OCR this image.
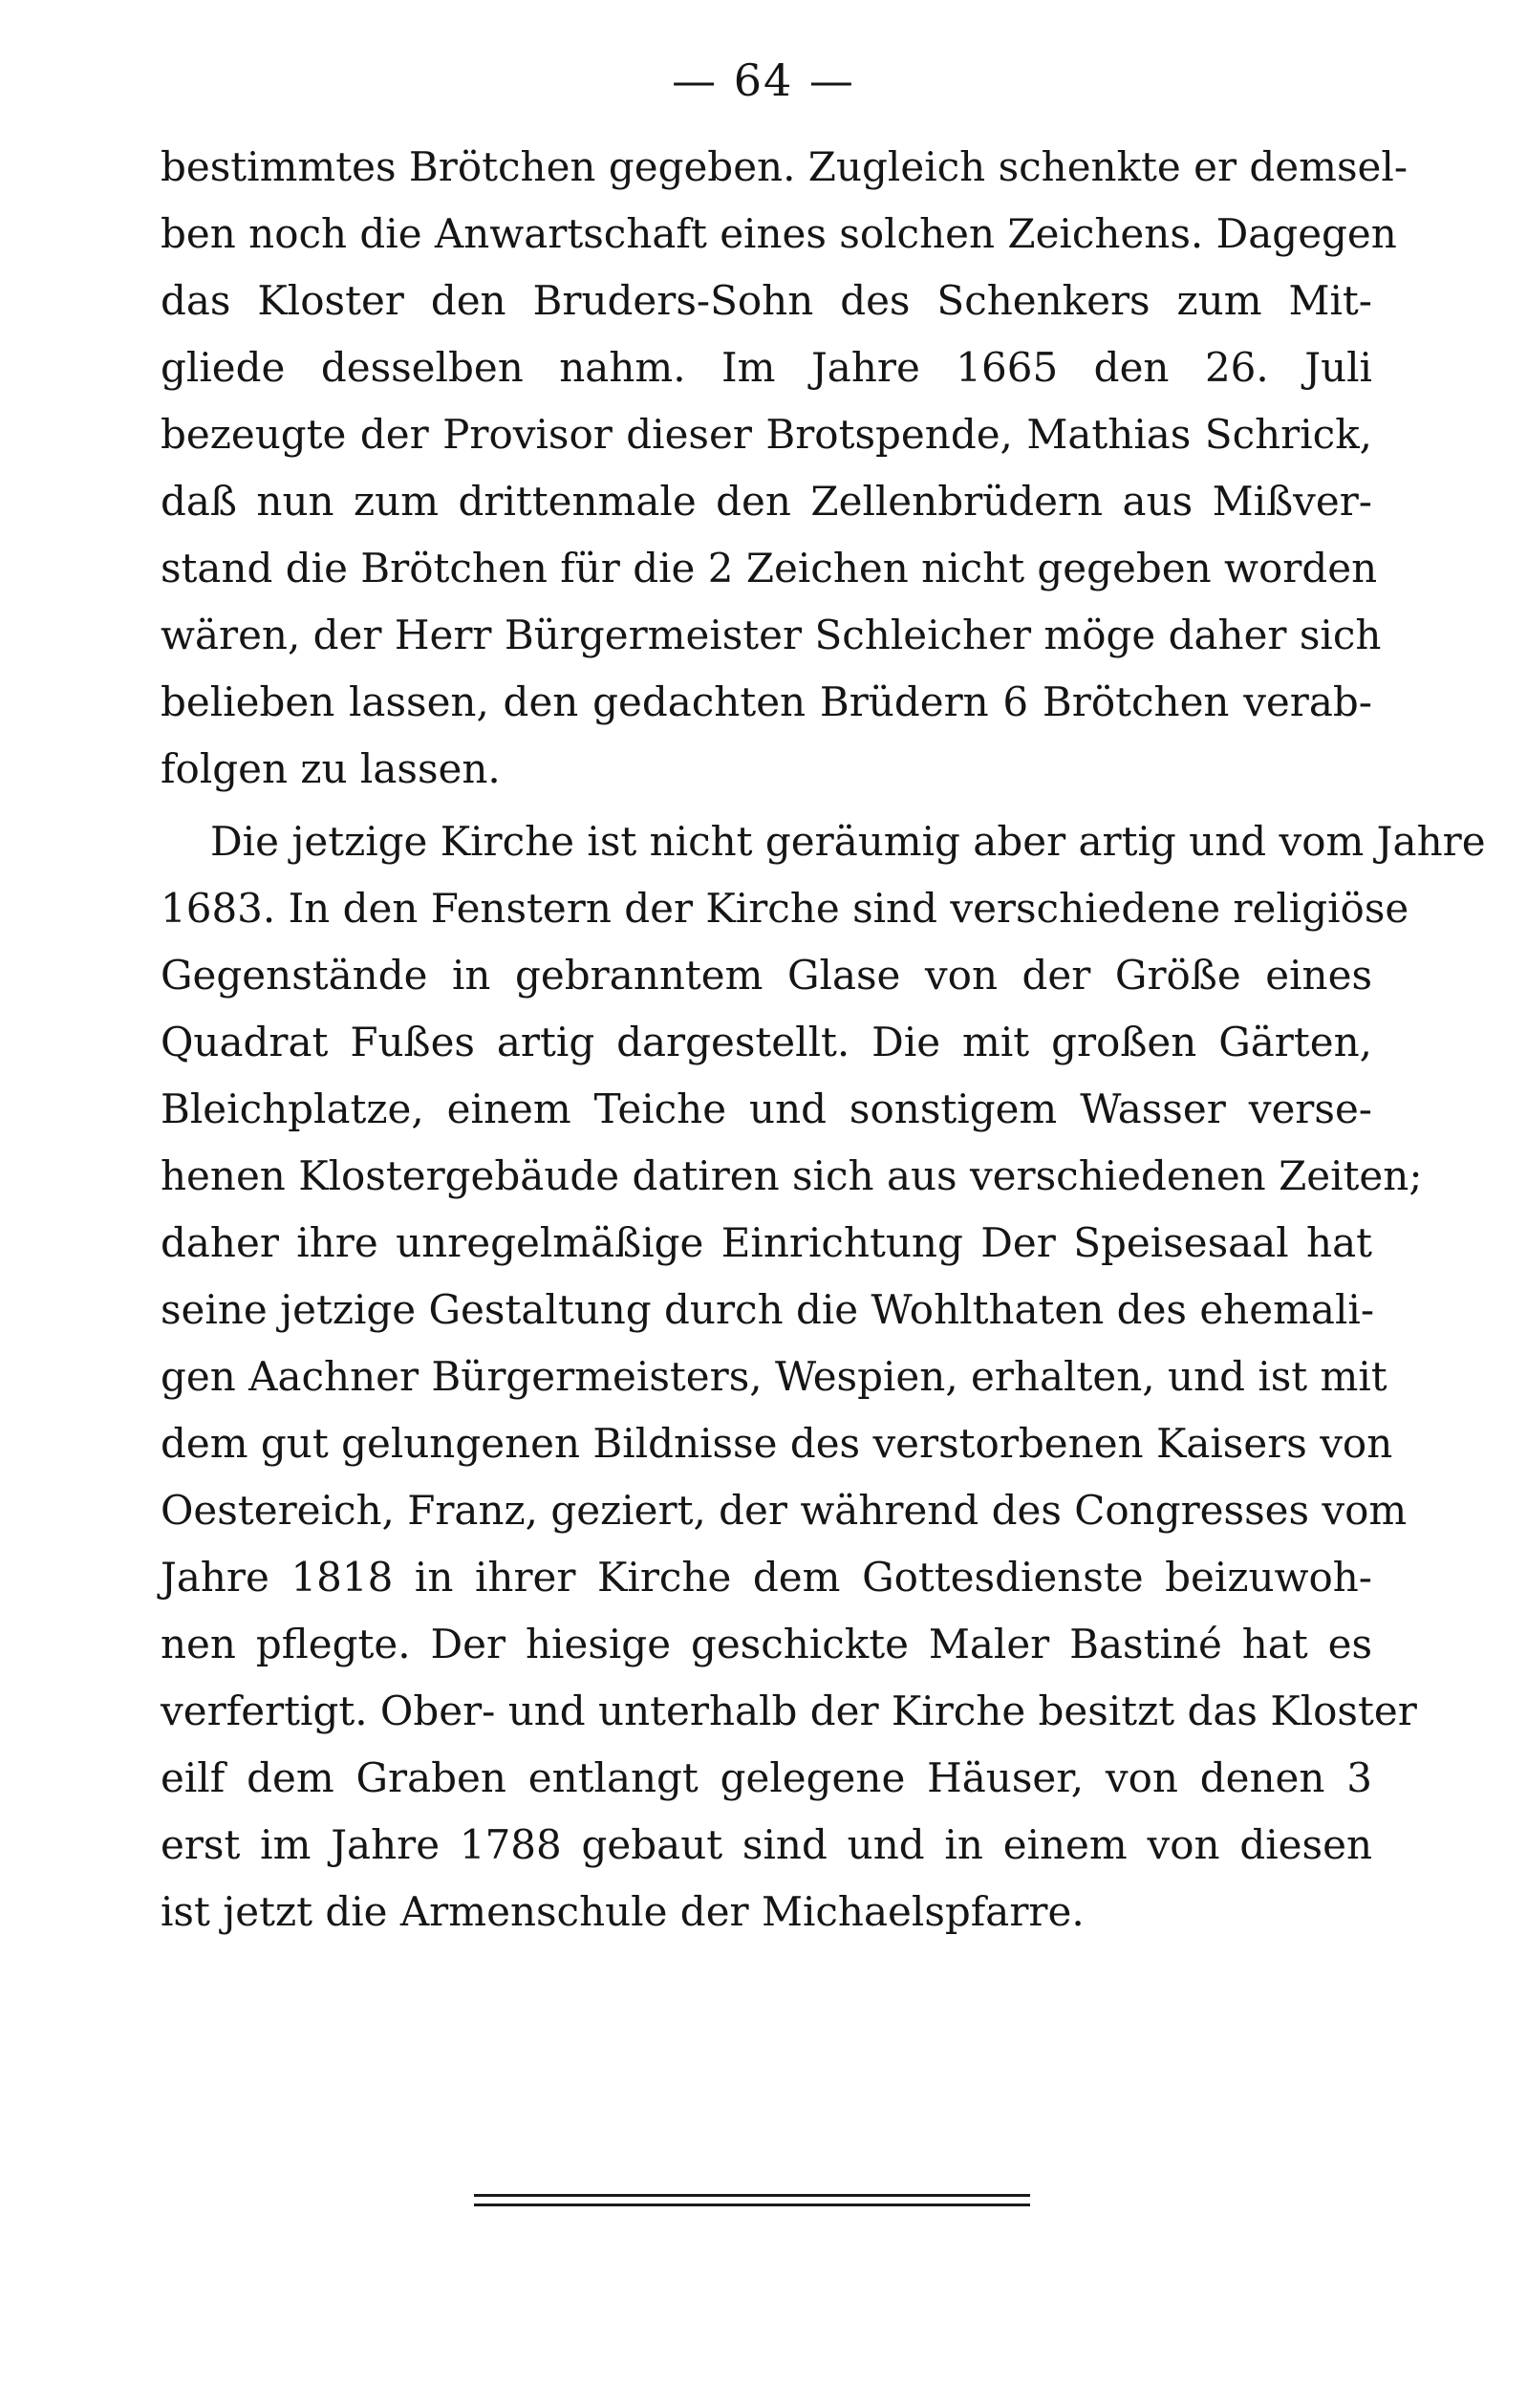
— 64 —
bestimmtes Brötchen gegeben. Zugleich schenkte er demsel-
ben noch die Anwartschaft eines solchen Zeichens. Dagegen
das Kloster den Bruders-Sohn des Schenkers zum Mit-
gliede desselben nahm. Im Jahre 1665 den 26. Juli
bezeugte der Provisor dieser Brotspende, Mathias Schrick,
daß nun zum drittenmale den Zellenbrüdern aus Mißver-
stand die Brötchen für die 2 Zeichen nicht gegeben worden
wären, der Herr Bürgermeister Schleicher möge daher sich
belieben lassen, den gedachten Brüdern 6 Brötchen verab-
folgen zu lassen.
Die jetzige Kirche ist nicht geräumig aber artig und vom Jahre
1683. In den Fenstern der Kirche sind verschiedene religiöse
Gegenstände in gebranntem Glase von der Größe eines
Quadrat Fußes artig dargestellt. Die mit großen Gärten,
Bleichplatze, einem Teiche und sonstigem Wasser verse-
henen Klostergebäude datiren sich aus verschiedenen Zeiten;
daher ihre unregelmäßige Einrichtung Der Speisesaal hat
seine jetzige Gestaltung durch die Wohlthaten des ehemali-
gen Aachner Bürgermeisters, Wespien, erhalten, und ist mit
dem gut gelungenen Bildnisse des verstorbenen Kaisers von
Oestereich, Franz, geziert, der während des Congresses vom
Jahre 1818 in ihrer Kirche dem Gottesdienste beizuwoh-
nen pflegte. Der hiesige geschickte Maler Bastiné hat es
verfertigt. Ober- und unterhalb der Kirche besitzt das Kloster
eilf dem Graben entlangt gelegene Häuser, von denen 3
erst im Jahre 1788 gebaut sind und in einem von diesen
ist jetzt die Armenschule der Michaelspfarre.
